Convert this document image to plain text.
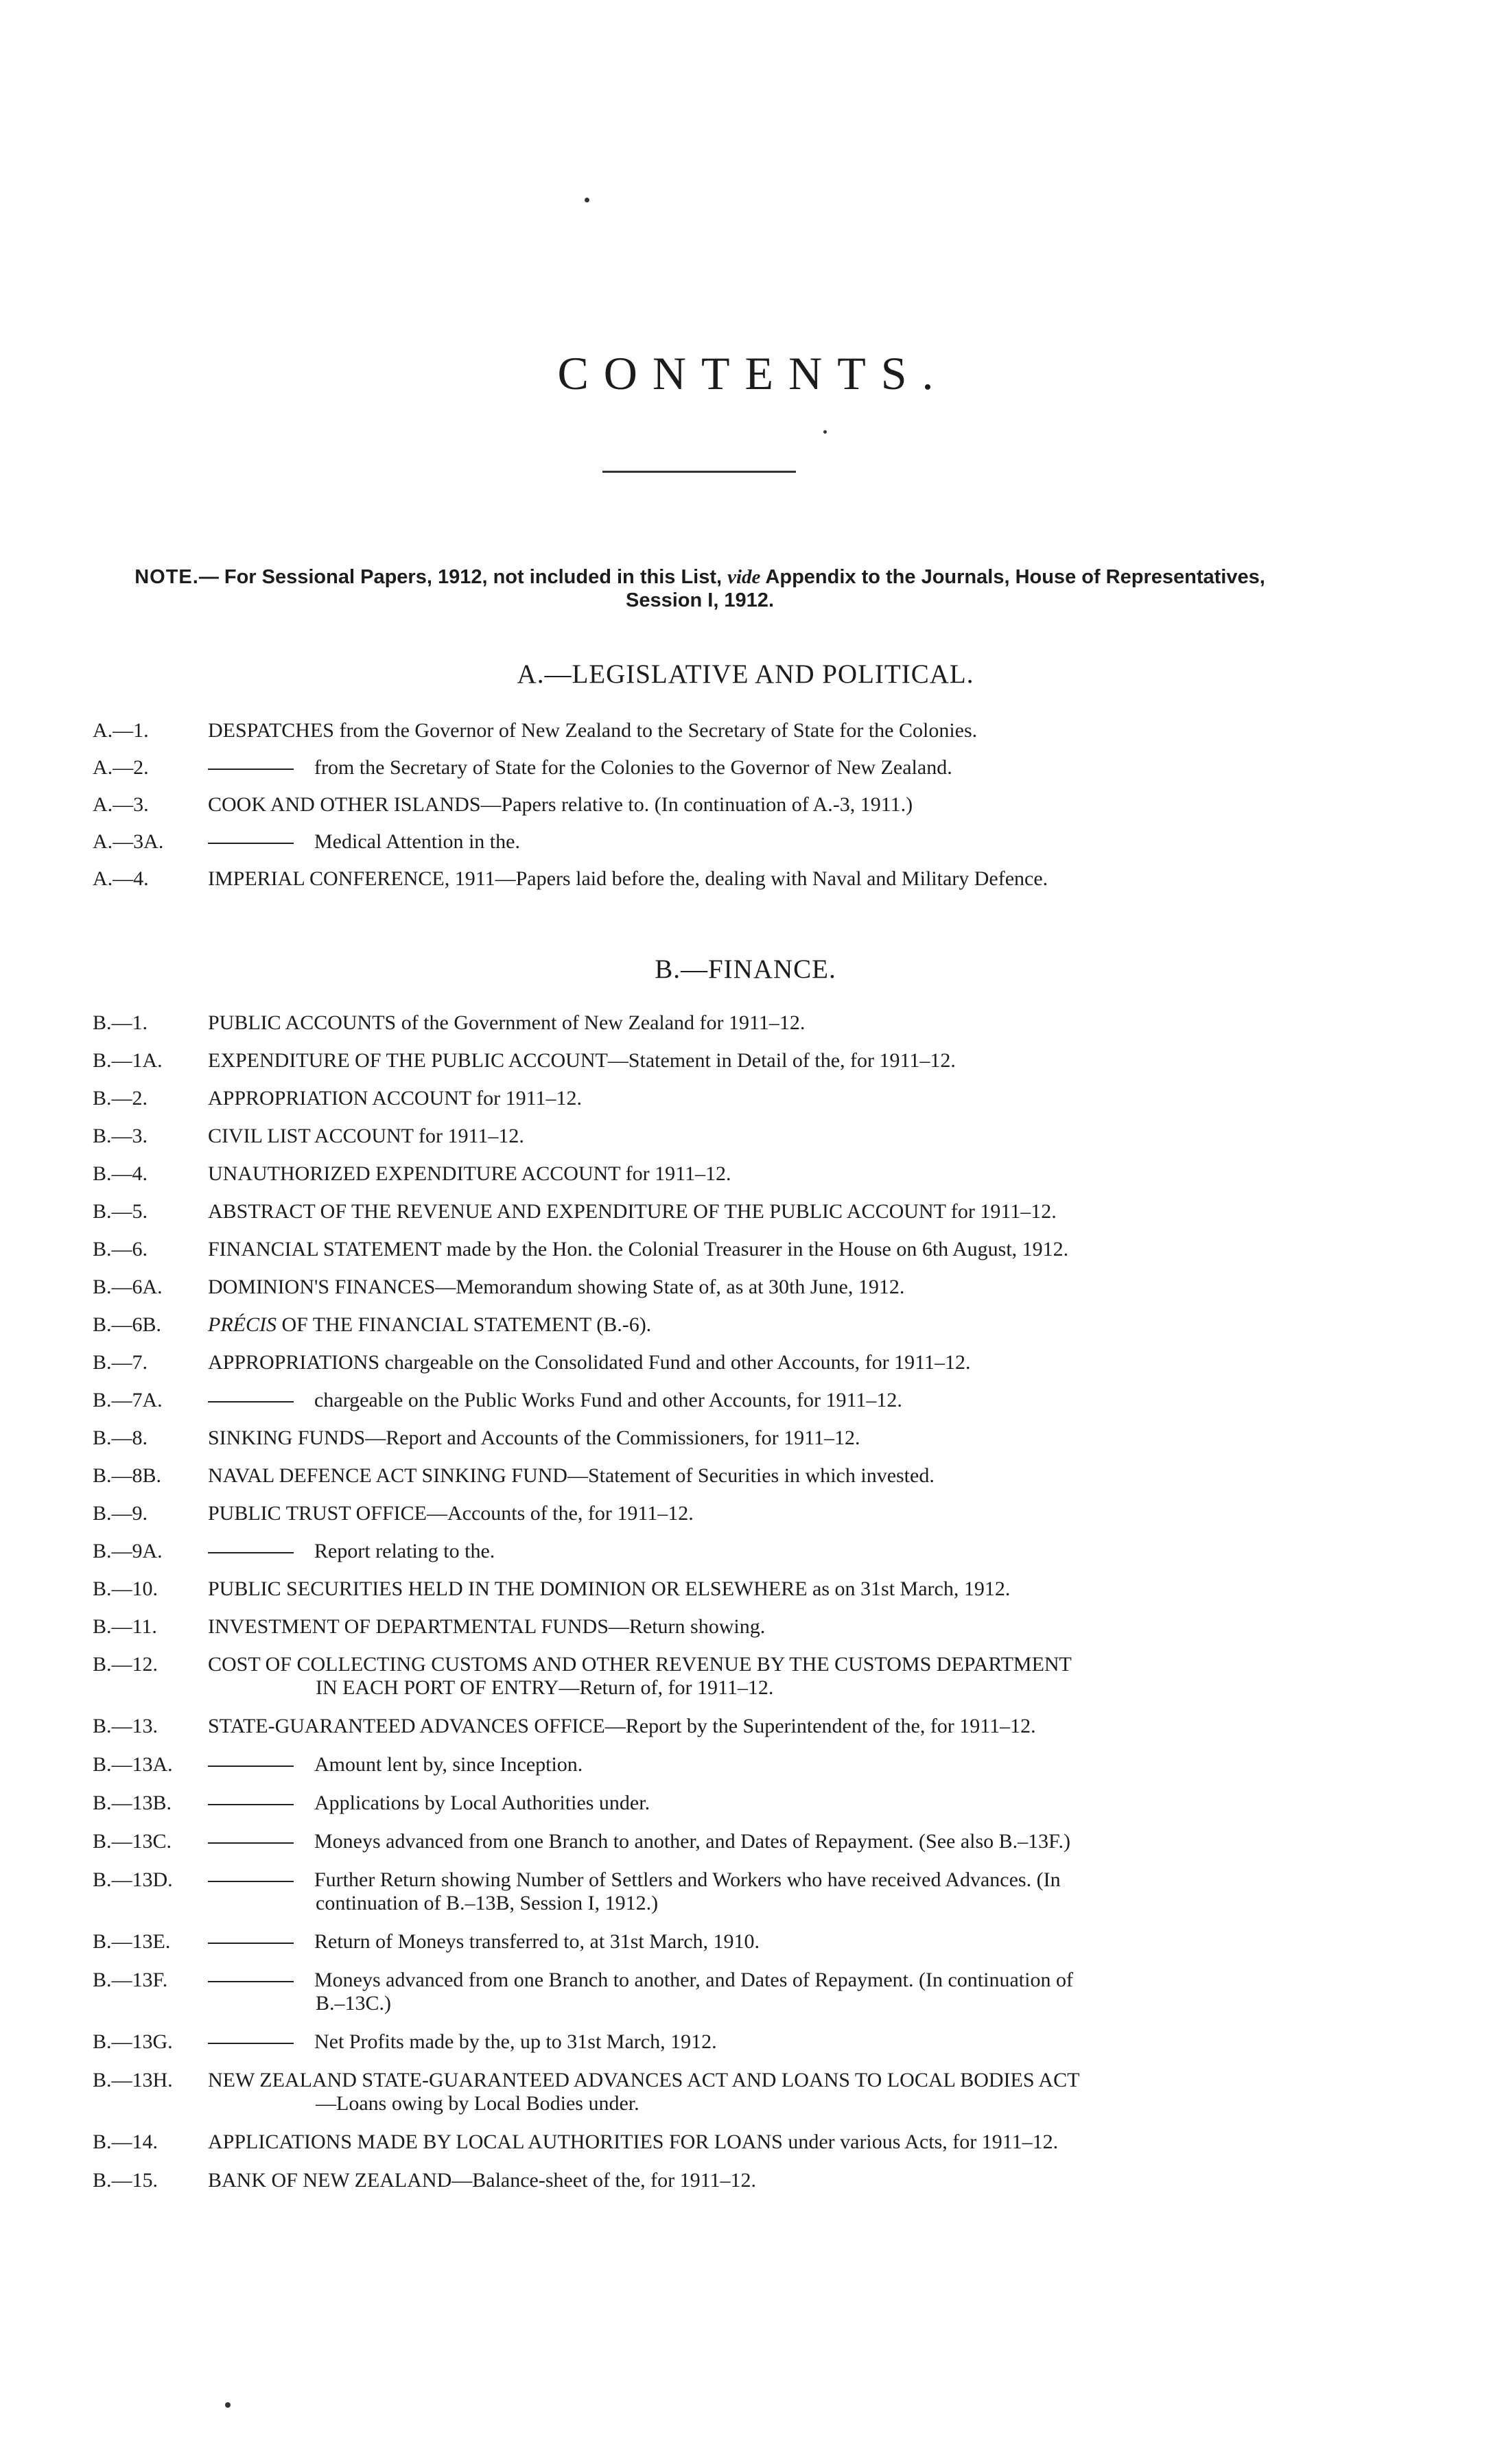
CONTENTS.
NOTE.— For Sessional Papers, 1912, not included in this List, vide Appendix to the Journals, House of Representatives, Session I, 1912.
A.—LEGISLATIVE AND POLITICAL.
A.—1.	DESPATCHES from the Governor of New Zealand to the Secretary of State for the Colonies.
A.—2.	from the Secretary of State for the Colonies to the Governor of New Zealand.
A.—3.	COOK AND OTHER ISLANDS—Papers relative to. (In continuation of A.-3, 1911.)
A.—3A.	Medical Attention in the.
A.—4.	IMPERIAL CONFERENCE, 1911—Papers laid before the, dealing with Naval and Military Defence.
B.—FINANCE.
B.—1.	PUBLIC ACCOUNTS of the Government of New Zealand for 1911–12.
B.—1A.	EXPENDITURE OF THE PUBLIC ACCOUNT—Statement in Detail of the, for 1911–12.
B.—2.	APPROPRIATION ACCOUNT for 1911–12.
B.—3.	CIVIL LIST ACCOUNT for 1911–12.
B.—4.	UNAUTHORIZED EXPENDITURE ACCOUNT for 1911–12.
B.—5.	ABSTRACT OF THE REVENUE AND EXPENDITURE OF THE PUBLIC ACCOUNT for 1911–12.
B.—6.	FINANCIAL STATEMENT made by the Hon. the Colonial Treasurer in the House on 6th August, 1912.
B.—6A.	DOMINION'S FINANCES—Memorandum showing State of, as at 30th June, 1912.
B.—6B.	PRÉCIS OF THE FINANCIAL STATEMENT (B.-6).
B.—7.	APPROPRIATIONS chargeable on the Consolidated Fund and other Accounts, for 1911–12.
B.—7A.	chargeable on the Public Works Fund and other Accounts, for 1911–12.
B.—8.	SINKING FUNDS—Report and Accounts of the Commissioners, for 1911–12.
B.—8B.	NAVAL DEFENCE ACT SINKING FUND—Statement of Securities in which invested.
B.—9.	PUBLIC TRUST OFFICE—Accounts of the, for 1911–12.
B.—9A.	Report relating to the.
B.—10.	PUBLIC SECURITIES HELD IN THE DOMINION OR ELSEWHERE as on 31st March, 1912.
B.—11.	INVESTMENT OF DEPARTMENTAL FUNDS—Return showing.
B.—12.	COST OF COLLECTING CUSTOMS AND OTHER REVENUE BY THE CUSTOMS DEPARTMENT
IN EACH PORT OF ENTRY—Return of, for 1911–12.
B.—13.	STATE-GUARANTEED ADVANCES OFFICE—Report by the Superintendent of the, for 1911–12.
B.—13A.	Amount lent by, since Inception.
B.—13B.	Applications by Local Authorities under.
B.—13C.	Moneys advanced from one Branch to another, and Dates of Repayment. (See also B.–13F.)
B.—13D.	Further Return showing Number of Settlers and Workers who have received Advances. (In
continuation of B.–13B, Session I, 1912.)
B.—13E.	Return of Moneys transferred to, at 31st March, 1910.
B.—13F.	Moneys advanced from one Branch to another, and Dates of Repayment. (In continuation of
B.–13C.)
B.—13G.	Net Profits made by the, up to 31st March, 1912.
B.—13H.	NEW ZEALAND STATE-GUARANTEED ADVANCES ACT AND LOANS TO LOCAL BODIES ACT
—Loans owing by Local Bodies under.
B.—14.	APPLICATIONS MADE BY LOCAL AUTHORITIES FOR LOANS under various Acts, for 1911–12.
B.—15.	BANK OF NEW ZEALAND—Balance-sheet of the, for 1911–12.
